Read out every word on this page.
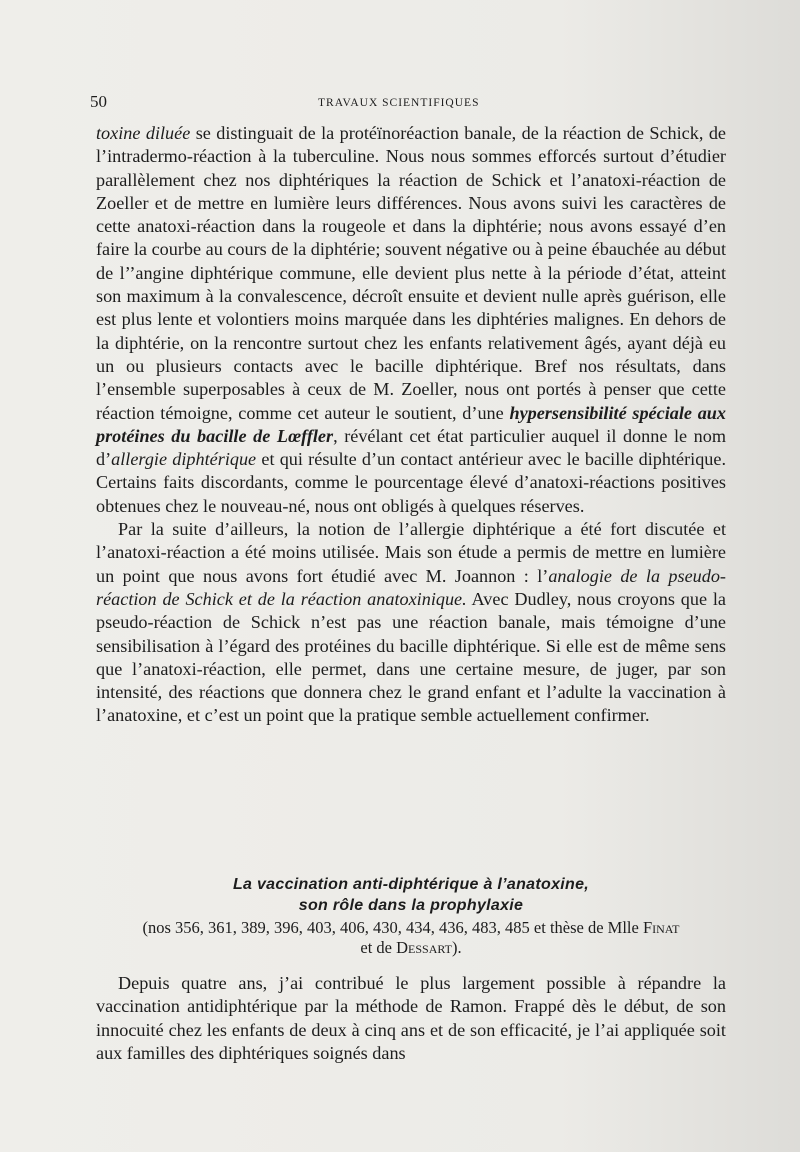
50	TRAVAUX SCIENTIFIQUES

toxine diluée se distinguait de la protéïnoréaction banale, de la réaction de Schick, de l’intradermo-réaction à la tuberculine. Nous nous sommes efforcés surtout d’étudier parallèlement chez nos diphtériques la réaction de Schick et l’anatoxi-réaction de Zoeller et de mettre en lumière leurs différences. Nous avons suivi les caractères de cette anatoxi-réaction dans la rougeole et dans la diphtérie; nous avons essayé d’en faire la courbe au cours de la diphtérie; souvent négative ou à peine ébauchée au début de l’’angine diphtérique commune, elle devient plus nette à la période d’état, atteint son maximum à la convalescence, décroît ensuite et devient nulle après guérison, elle est plus lente et volontiers moins marquée dans les diphtéries malignes. En dehors de la diphtérie, on la rencontre surtout chez les enfants relativement âgés, ayant déjà eu un ou plusieurs contacts avec le bacille diphtérique. Bref nos résultats, dans l’ensemble superposables à ceux de M. Zoeller, nous ont portés à penser que cette réaction témoigne, comme cet auteur le soutient, d’une hypersensibilité spéciale aux protéines du bacille de Lœffler, révélant cet état particulier auquel il donne le nom d’allergie diphtérique et qui résulte d’un contact antérieur avec le bacille diphtérique. Certains faits discordants, comme le pourcentage élevé d’anatoxi-réactions positives obtenues chez le nouveau-né, nous ont obligés à quelques réserves.

Par la suite d’ailleurs, la notion de l’allergie diphtérique a été fort discutée et l’anatoxi-réaction a été moins utilisée. Mais son étude a permis de mettre en lumière un point que nous avons fort étudié avec M. Joannon : l’analogie de la pseudo-réaction de Schick et de la réaction anatoxinique. Avec Dudley, nous croyons que la pseudo-réaction de Schick n’est pas une réaction banale, mais témoigne d’une sensibilisation à l’égard des protéines du bacille diphtérique. Si elle est de même sens que l’anatoxi-réaction, elle permet, dans une certaine mesure, de juger, par son intensité, des réactions que donnera chez le grand enfant et l’adulte la vaccination à l’anatoxine, et c’est un point que la pratique semble actuellement confirmer.

La vaccination anti-diphtérique à l’anatoxine,
son rôle dans la prophylaxie
(nos 356, 361, 389, 396, 403, 406, 430, 434, 436, 483, 485 et thèse de Mlle Finat
et de Dessart).

Depuis quatre ans, j’ai contribué le plus largement possible à répandre la vaccination antidiphtérique par la méthode de Ramon. Frappé dès le début, de son innocuité chez les enfants de deux à cinq ans et de son efficacité, je l’ai appliquée soit aux familles des diphtériques soignés dans
